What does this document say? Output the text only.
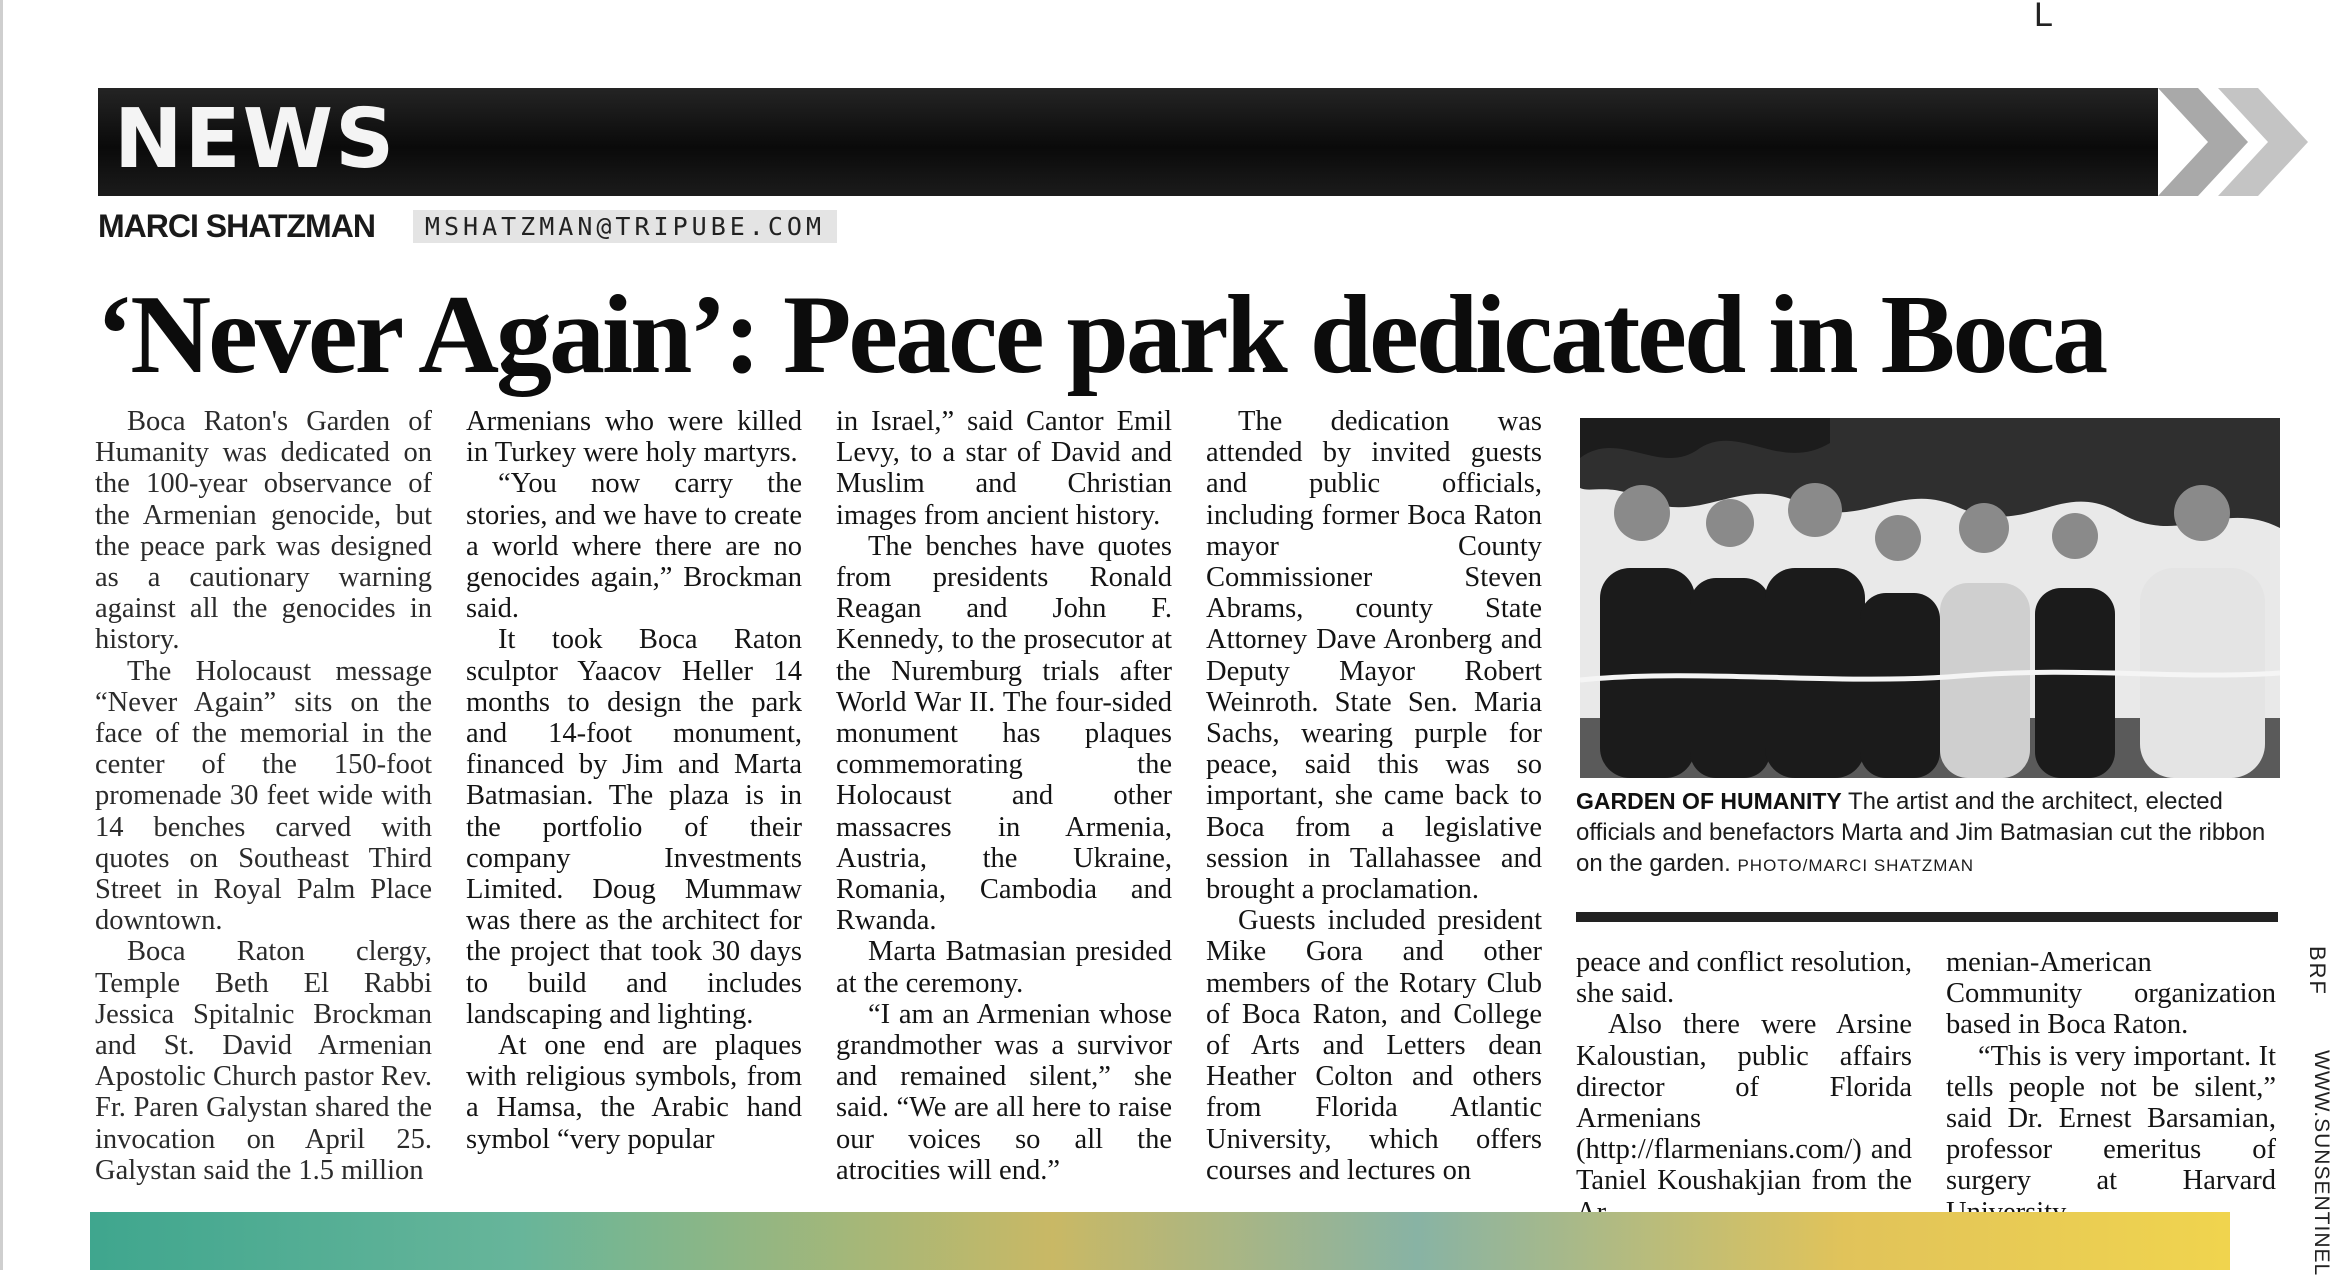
L
NEWS
MARCI SHATZMAN	MSHATZMAN@TRIPUBE.COM
‘Never Again’: Peace park dedicated in Boca

Boca Raton's Garden of Humanity was dedicated on the 100-year observance of the Armenian genocide, but the peace park was designed as a cautionary warning against all the genocides in history.

The Holocaust message “Never Again” sits on the face of the memorial in the center of the 150-foot promenade 30 feet wide with 14 benches carved with quotes on Southeast Third Street in Royal Palm Place downtown.

Boca Raton clergy, Temple Beth El Rabbi Jessica Spitalnic Brockman and St. David Armenian Apostolic Church pastor Rev. Fr. Paren Galystan shared the invocation on April 25. Galystan said the 1.5 million

Armenians who were killed in Turkey were holy martyrs.

“You now carry the stories, and we have to create a world where there are no genocides again,” Brockman said.

It took Boca Raton sculptor Yaacov Heller 14 months to design the park and 14-foot monument, financed by Jim and Marta Batmasian. The plaza is in the portfolio of their company Investments Limited. Doug Mummaw was there as the architect for the project that took 30 days to build and includes landscaping and lighting.

At one end are plaques with religious symbols, from a Hamsa, the Arabic hand symbol “very popular

in Israel,” said Cantor Emil Levy, to a star of David and Muslim and Christian images from ancient history.

The benches have quotes from presidents Ronald Reagan and John F. Kennedy, to the prosecutor at the Nuremburg trials after World War II. The four-sided monument has plaques commemorating the Holocaust and other massacres in Armenia, Austria, the Ukraine, Romania, Cambodia and Rwanda.

Marta Batmasian presided at the ceremony.

“I am an Armenian whose grandmother was a survivor and remained silent,” she said. “We are all here to raise our voices so all the atrocities will end.”

The dedication was attended by invited guests and public officials, including former Boca Raton mayor County Commissioner Steven Abrams, county State Attorney Dave Aronberg and Deputy Mayor Robert Weinroth. State Sen. Maria Sachs, wearing purple for peace, said this was so important, she came back to Boca from a legislative session in Tallahassee and brought a proclamation.

Guests included president Mike Gora and other members of the Rotary Club of Boca Raton, and College of Arts and Letters dean Heather Colton and others from Florida Atlantic University, which offers courses and lectures on

GARDEN OF HUMANITY The artist and the architect, elected officials and benefactors Marta and Jim Batmasian cut the ribbon on the garden. PHOTO/MARCI SHATZMAN

peace and conflict resolution, she said.

Also there were Arsine Kaloustian, public affairs director of Florida Armenians (http://flarmenians.com/) and Taniel Koushakjian from the

menian-American Community organization based in Boca Raton.

“This is very important. It tells people not be silent,” said Dr. Ernest Barsamian, professor emeritus of surgery at Harvard

BRF
WWW.SUNSENTINEL
